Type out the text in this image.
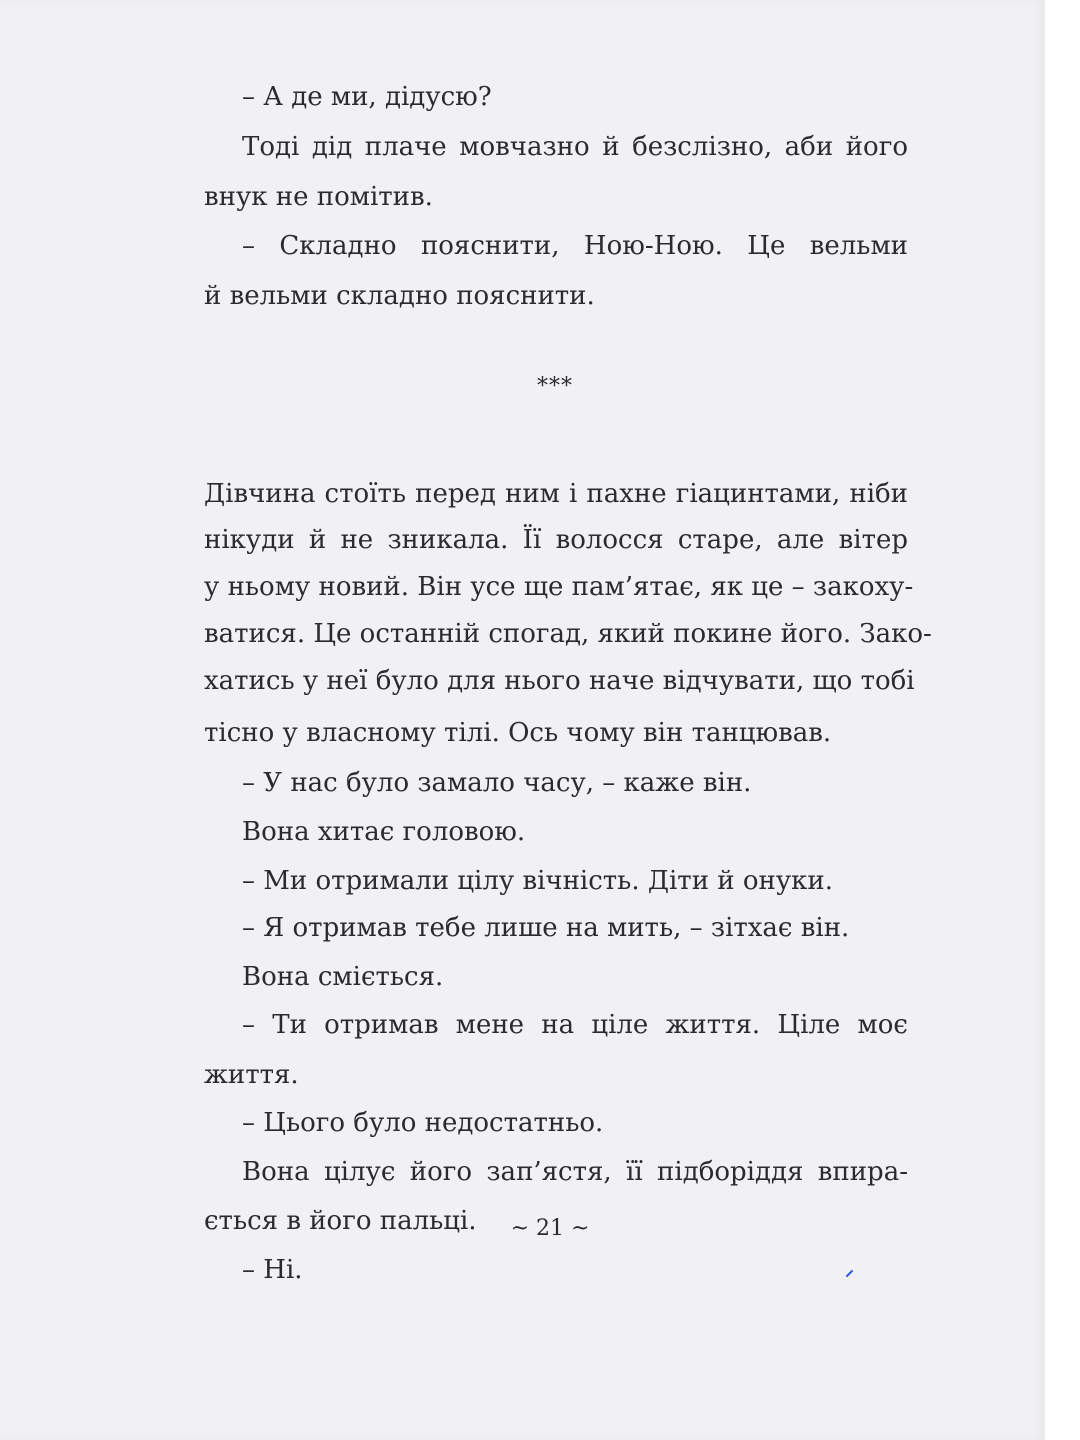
– А де ми, дідусю?
Тоді дід плаче мовчазно й безслізно, аби його
внук не помітив.
– Складно пояснити, Ною-Ною. Це вельми
й вельми складно пояснити.
Дівчина стоїть перед ним і пахне гіацинтами, ніби
нікуди й не зникала. Її волосся старе, але вітер
у ньому новий. Він усе ще пам’ятає, як це – закоху-
ватися. Це останній спогад, який покине його. Зако-
хатись у неї було для нього наче відчувати, що тобі
тісно у власному тілі. Ось чому він танцював.
– У нас було замало часу, – каже він.
Вона хитає головою.
– Ми отримали цілу вічність. Діти й онуки.
– Я отримав тебе лише на мить, – зітхає він.
Вона сміється.
– Ти отримав мене на ціле життя. Ціле моє
життя.
– Цього було недостатньо.
Вона цілує його зап’ястя, її підборіддя впира-
ється в його пальці.
– Ні.
***
~ 21 ~
